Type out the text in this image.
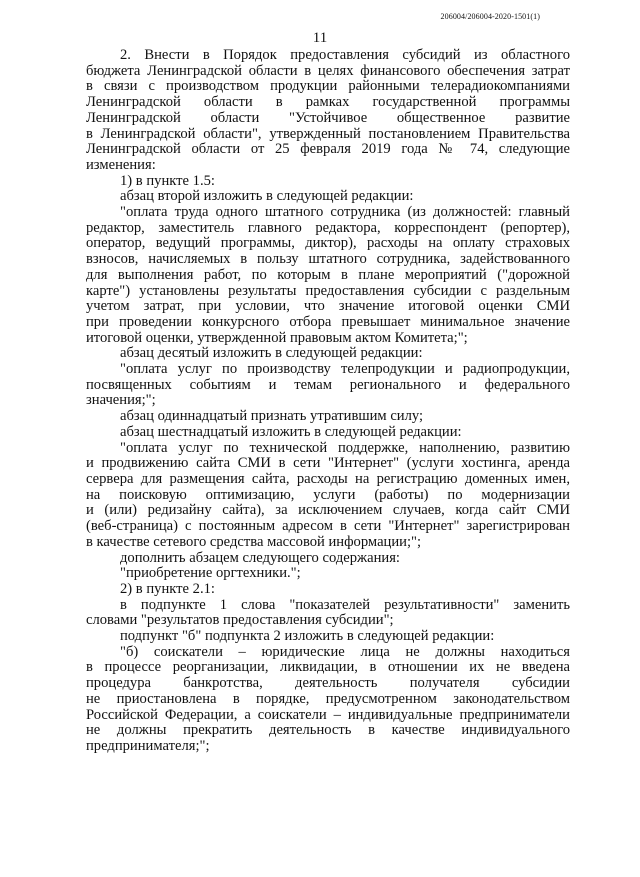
206004/206004-2020-1501(1)
11

2. Внести в Порядок предоставления субсидий из областного

бюджета Ленинградской области в целях финансового обеспечения затрат

в связи с производством продукции районными телерадиокомпаниями

Ленинградской области в рамках государственной программы

Ленинградской области "Устойчивое общественное развитие

в Ленинградской области", утвержденный постановлением Правительства

Ленинградской области от 25 февраля 2019 года № 74, следующие

изменения:

1) в пункте 1.5:

абзац второй изложить в следующей редакции:

"оплата труда одного штатного сотрудника (из должностей: главный

редактор, заместитель главного редактора, корреспондент (репортер),

оператор, ведущий программы, диктор), расходы на оплату страховых

взносов, начисляемых в пользу штатного сотрудника, задействованного

для выполнения работ, по которым в плане мероприятий ("дорожной

карте") установлены результаты предоставления субсидии с раздельным

учетом затрат, при условии, что значение итоговой оценки СМИ

при проведении конкурсного отбора превышает минимальное значение

итоговой оценки, утвержденной правовым актом Комитета;";

абзац десятый изложить в следующей редакции:

"оплата услуг по производству телепродукции и радиопродукции,

посвященных событиям и темам регионального и федерального

значения;";

абзац одиннадцатый признать утратившим силу;

абзац шестнадцатый изложить в следующей редакции:

"оплата услуг по технической поддержке, наполнению, развитию

и продвижению сайта СМИ в сети "Интернет" (услуги хостинга, аренда

сервера для размещения сайта, расходы на регистрацию доменных имен,

на поисковую оптимизацию, услуги (работы) по модернизации

и (или) редизайну сайта), за исключением случаев, когда сайт СМИ

(веб-страница) с постоянным адресом в сети "Интернет" зарегистрирован

в качестве сетевого средства массовой информации;";

дополнить абзацем следующего содержания:

"приобретение оргтехники.";

2) в пункте 2.1:

в подпункте 1 слова "показателей результативности" заменить

словами "результатов предоставления субсидии";

подпункт "б" подпункта 2 изложить в следующей редакции:

"б) соискатели – юридические лица не должны находиться

в процессе реорганизации, ликвидации, в отношении их не введена

процедура банкротства, деятельность получателя субсидии

не приостановлена в порядке, предусмотренном законодательством

Российской Федерации, а соискатели – индивидуальные предприниматели

не должны прекратить деятельность в качестве индивидуального

предпринимателя;";
